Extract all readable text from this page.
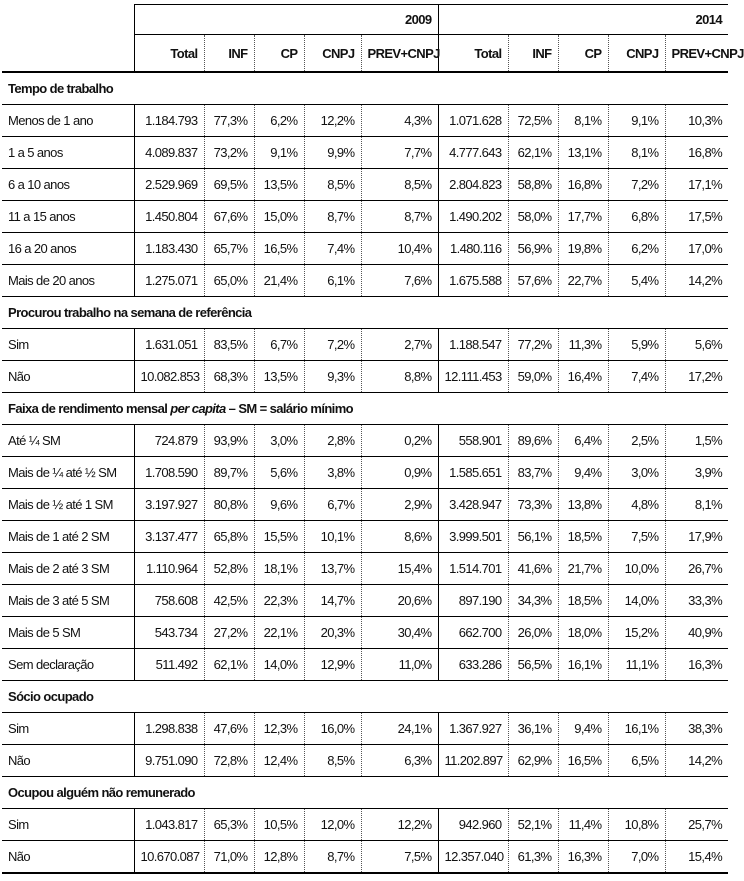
	2009					2014				
	Total	INF	CP	CNPJ	PREV+CNPJ	Total	INF	CP	CNPJ	PREV+CNPJ
Tempo de trabalho										
Menos de 1 ano	1.184.793	77,3%	6,2%	12,2%	4,3%	1.071.628	72,5%	8,1%	9,1%	10,3%
1 a 5 anos	4.089.837	73,2%	9,1%	9,9%	7,7%	4.777.643	62,1%	13,1%	8,1%	16,8%
6 a 10 anos	2.529.969	69,5%	13,5%	8,5%	8,5%	2.804.823	58,8%	16,8%	7,2%	17,1%
11 a 15 anos	1.450.804	67,6%	15,0%	8,7%	8,7%	1.490.202	58,0%	17,7%	6,8%	17,5%
16 a 20 anos	1.183.430	65,7%	16,5%	7,4%	10,4%	1.480.116	56,9%	19,8%	6,2%	17,0%
Mais de 20 anos	1.275.071	65,0%	21,4%	6,1%	7,6%	1.675.588	57,6%	22,7%	5,4%	14,2%
Procurou trabalho na semana de referência										
Sim	1.631.051	83,5%	6,7%	7,2%	2,7%	1.188.547	77,2%	11,3%	5,9%	5,6%
Não	10.082.853	68,3%	13,5%	9,3%	8,8%	12.111.453	59,0%	16,4%	7,4%	17,2%
Faixa de rendimento mensal per capita – SM = salário mínimo										
Até ¼ SM	724.879	93,9%	3,0%	2,8%	0,2%	558.901	89,6%	6,4%	2,5%	1,5%
Mais de ¼ até ½ SM	1.708.590	89,7%	5,6%	3,8%	0,9%	1.585.651	83,7%	9,4%	3,0%	3,9%
Mais de ½ até 1 SM	3.197.927	80,8%	9,6%	6,7%	2,9%	3.428.947	73,3%	13,8%	4,8%	8,1%
Mais de 1 até 2 SM	3.137.477	65,8%	15,5%	10,1%	8,6%	3.999.501	56,1%	18,5%	7,5%	17,9%
Mais de 2 até 3 SM	1.110.964	52,8%	18,1%	13,7%	15,4%	1.514.701	41,6%	21,7%	10,0%	26,7%
Mais de 3 até 5 SM	758.608	42,5%	22,3%	14,7%	20,6%	897.190	34,3%	18,5%	14,0%	33,3%
Mais de 5 SM	543.734	27,2%	22,1%	20,3%	30,4%	662.700	26,0%	18,0%	15,2%	40,9%
Sem declaração	511.492	62,1%	14,0%	12,9%	11,0%	633.286	56,5%	16,1%	11,1%	16,3%
Sócio ocupado										
Sim	1.298.838	47,6%	12,3%	16,0%	24,1%	1.367.927	36,1%	9,4%	16,1%	38,3%
Não	9.751.090	72,8%	12,4%	8,5%	6,3%	11.202.897	62,9%	16,5%	6,5%	14,2%
Ocupou alguém não remunerado										
Sim	1.043.817	65,3%	10,5%	12,0%	12,2%	942.960	52,1%	11,4%	10,8%	25,7%
Não	10.670.087	71,0%	12,8%	8,7%	7,5%	12.357.040	61,3%	16,3%	7,0%	15,4%
